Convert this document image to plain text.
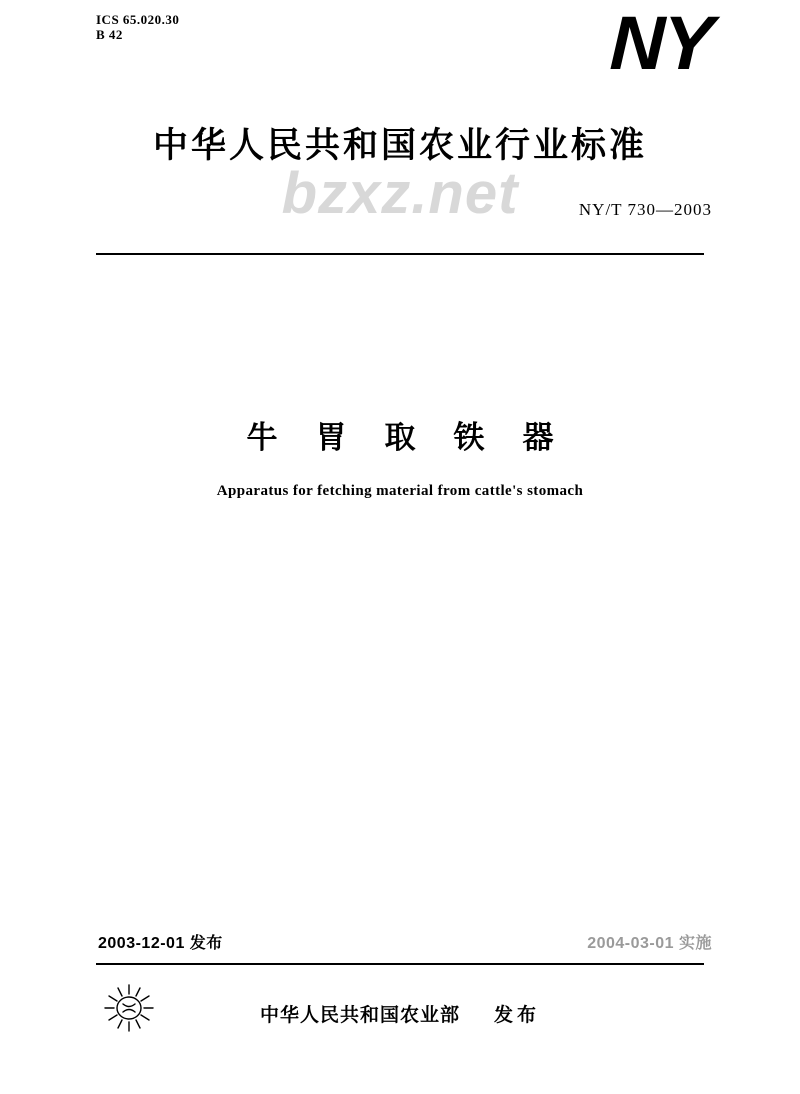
ICS 65.020.30
B 42	NY
中华人民共和国农业行业标准
bzxz.net	NY/T 730—2003
牛胃取铁器
Apparatus for fetching material from cattle's stomach
2003-12-01 发布	2004-03-01 实施
中华人民共和国农业部 发布
